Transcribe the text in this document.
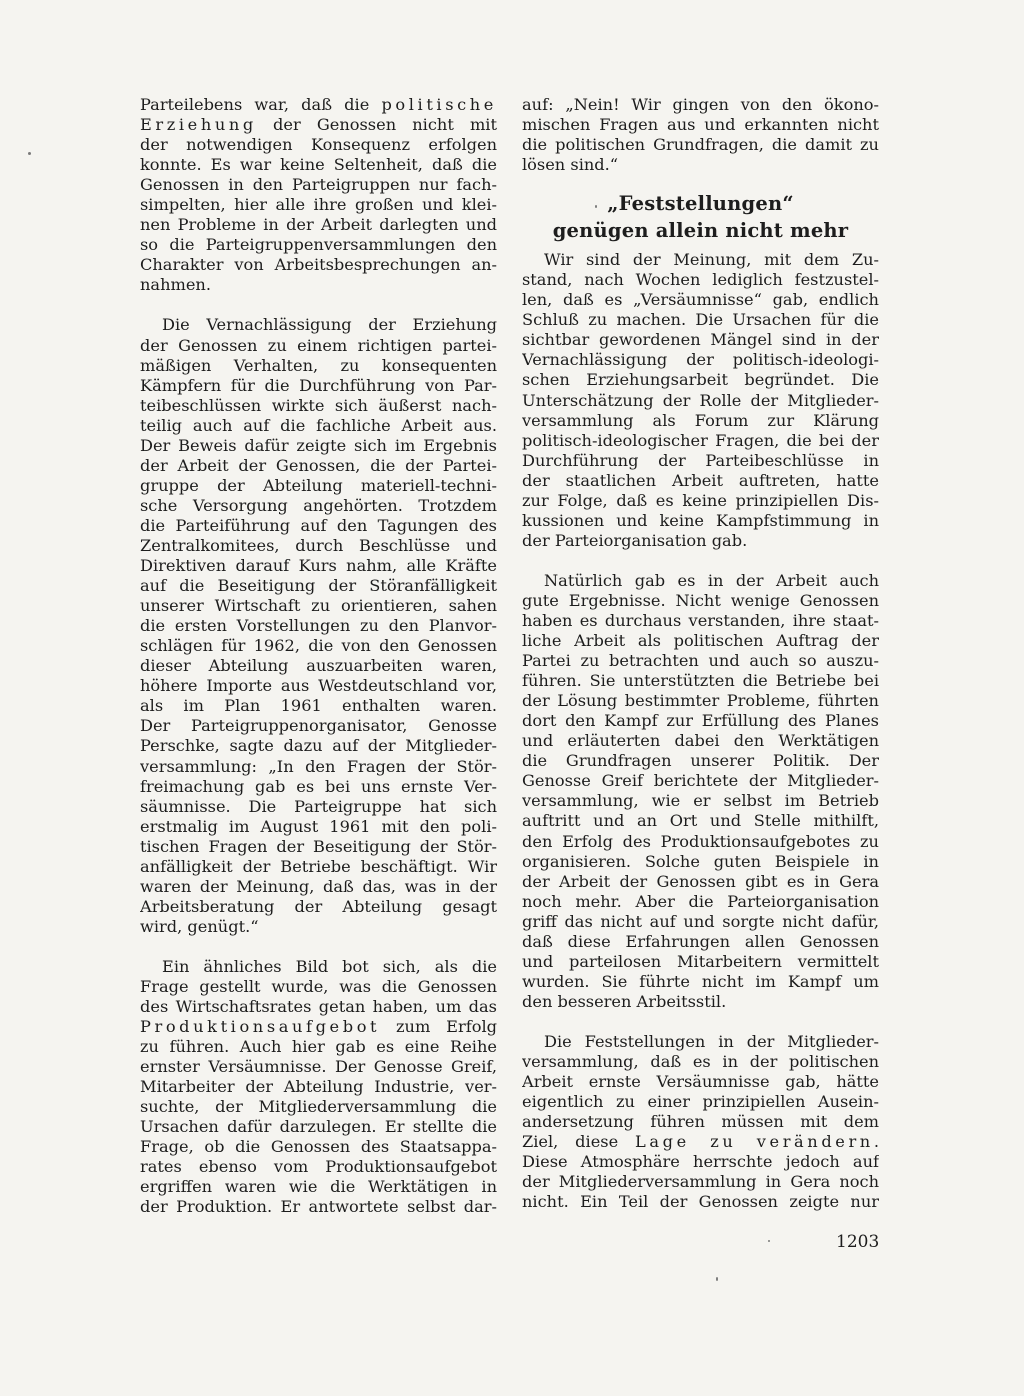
Parteilebens war, daß die politische
Erziehung der Genossen nicht mit
der notwendigen Konsequenz erfolgen
konnte. Es war keine Seltenheit, daß die
Genossen in den Parteigruppen nur fach-
simpelten, hier alle ihre großen und klei-
nen Probleme in der Arbeit darlegten und
so die Parteigruppenversammlungen den
Charakter von Arbeitsbesprechungen an-
nahmen.
Die Vernachlässigung der Erziehung
der Genossen zu einem richtigen partei-
mäßigen Verhalten, zu konsequenten
Kämpfern für die Durchführung von Par-
teibeschlüssen wirkte sich äußerst nach-
teilig auch auf die fachliche Arbeit aus.
Der Beweis dafür zeigte sich im Ergebnis
der Arbeit der Genossen, die der Partei-
gruppe der Abteilung materiell-techni-
sche Versorgung angehörten. Trotzdem
die Parteiführung auf den Tagungen des
Zentralkomitees, durch Beschlüsse und
Direktiven darauf Kurs nahm, alle Kräfte
auf die Beseitigung der Störanfälligkeit
unserer Wirtschaft zu orientieren, sahen
die ersten Vorstellungen zu den Planvor-
schlägen für 1962, die von den Genossen
dieser Abteilung auszuarbeiten waren,
höhere Importe aus Westdeutschland vor,
als im Plan 1961 enthalten waren.
Der Parteigruppenorganisator, Genosse
Perschke, sagte dazu auf der Mitglieder-
versammlung: „In den Fragen der Stör-
freimachung gab es bei uns ernste Ver-
säumnisse. Die Parteigruppe hat sich
erstmalig im August 1961 mit den poli-
tischen Fragen der Beseitigung der Stör-
anfälligkeit der Betriebe beschäftigt. Wir
waren der Meinung, daß das, was in der
Arbeitsberatung der Abteilung gesagt
wird, genügt.“
Ein ähnliches Bild bot sich, als die
Frage gestellt wurde, was die Genossen
des Wirtschaftsrates getan haben, um das
Produktionsaufgebot zum Erfolg
zu führen. Auch hier gab es eine Reihe
ernster Versäumnisse. Der Genosse Greif,
Mitarbeiter der Abteilung Industrie, ver-
suchte, der Mitgliederversammlung die
Ursachen dafür darzulegen. Er stellte die
Frage, ob die Genossen des Staatsappa-
rates ebenso vom Produktionsaufgebot
ergriffen waren wie die Werktätigen in
der Produktion. Er antwortete selbst dar-
auf: „Nein! Wir gingen von den ökono-
mischen Fragen aus und erkannten nicht
die politischen Grundfragen, die damit zu
lösen sind.“
„Feststellungen“
genügen allein nicht mehr
Wir sind der Meinung, mit dem Zu-
stand, nach Wochen lediglich festzustel-
len, daß es „Versäumnisse“ gab, endlich
Schluß zu machen. Die Ursachen für die
sichtbar gewordenen Mängel sind in der
Vernachlässigung der politisch-ideologi-
schen Erziehungsarbeit begründet. Die
Unterschätzung der Rolle der Mitglieder-
versammlung als Forum zur Klärung
politisch-ideologischer Fragen, die bei der
Durchführung der Parteibeschlüsse in
der staatlichen Arbeit auftreten, hatte
zur Folge, daß es keine prinzipiellen Dis-
kussionen und keine Kampfstimmung in
der Parteiorganisation gab.
Natürlich gab es in der Arbeit auch
gute Ergebnisse. Nicht wenige Genossen
haben es durchaus verstanden, ihre staat-
liche Arbeit als politischen Auftrag der
Partei zu betrachten und auch so auszu-
führen. Sie unterstützten die Betriebe bei
der Lösung bestimmter Probleme, führten
dort den Kampf zur Erfüllung des Planes
und erläuterten dabei den Werktätigen
die Grundfragen unserer Politik. Der
Genosse Greif berichtete der Mitglieder-
versammlung, wie er selbst im Betrieb
auftritt und an Ort und Stelle mithilft,
den Erfolg des Produktionsaufgebotes zu
organisieren. Solche guten Beispiele in
der Arbeit der Genossen gibt es in Gera
noch mehr. Aber die Parteiorganisation
griff das nicht auf und sorgte nicht dafür,
daß diese Erfahrungen allen Genossen
und parteilosen Mitarbeitern vermittelt
wurden. Sie führte nicht im Kampf um
den besseren Arbeitsstil.
Die Feststellungen in der Mitglieder-
versammlung, daß es in der politischen
Arbeit ernste Versäumnisse gab, hätte
eigentlich zu einer prinzipiellen Ausein-
andersetzung führen müssen mit dem
Ziel, diese Lage zu verändern.
Diese Atmosphäre herrschte jedoch auf
der Mitgliederversammlung in Gera noch
nicht. Ein Teil der Genossen zeigte nur
1203
